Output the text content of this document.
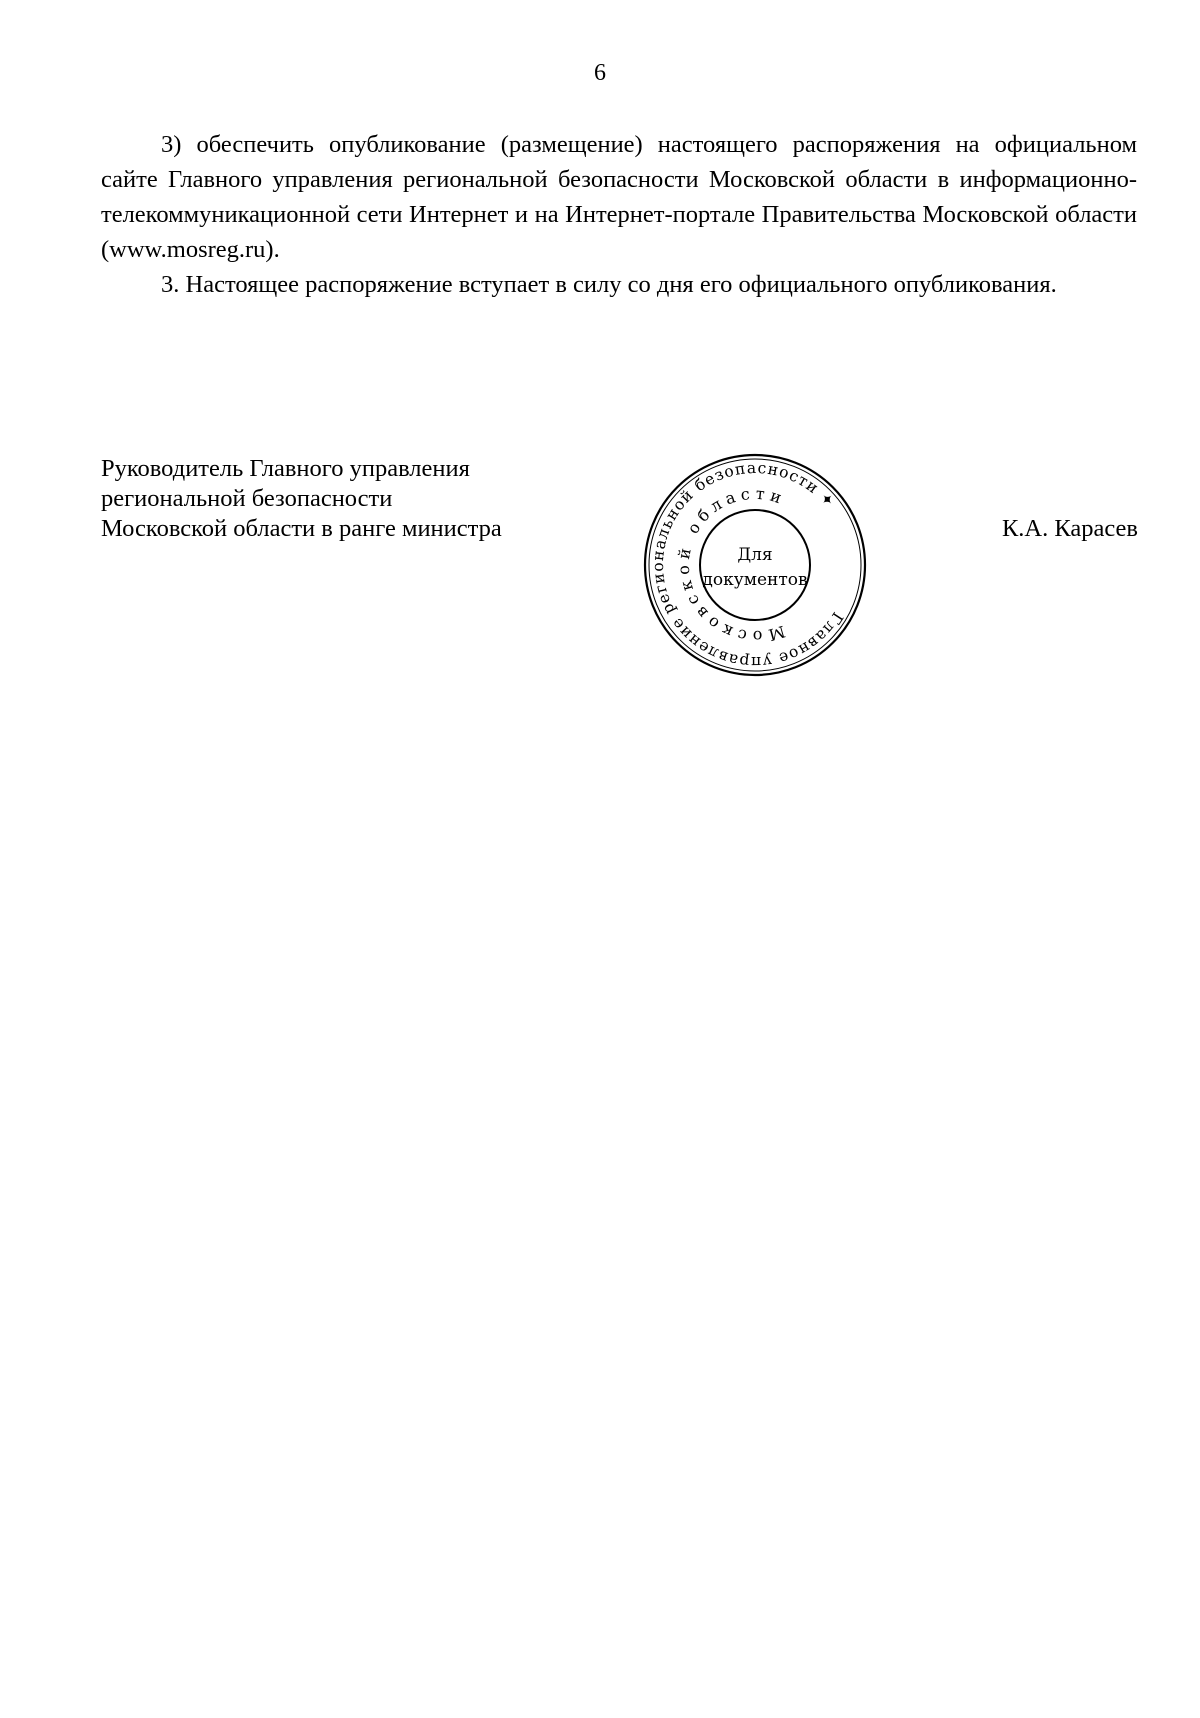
6

3) обеспечить опубликование (размещение) настоящего распоряжения на официальном сайте Главного управления региональной безопасности Московской области в информационно-телекоммуникационной сети Интернет и на Интернет-портале Правительства Московской области (www.mosreg.ru).

3. Настоящее распоряжение вступает в силу со дня его официального опубликования.

Руководитель Главного управления
региональной безопасности
Московской области в ранге министра
Главное управление региональной безопасности ✦
Московской области
Для
документов
К.А. Карасев
